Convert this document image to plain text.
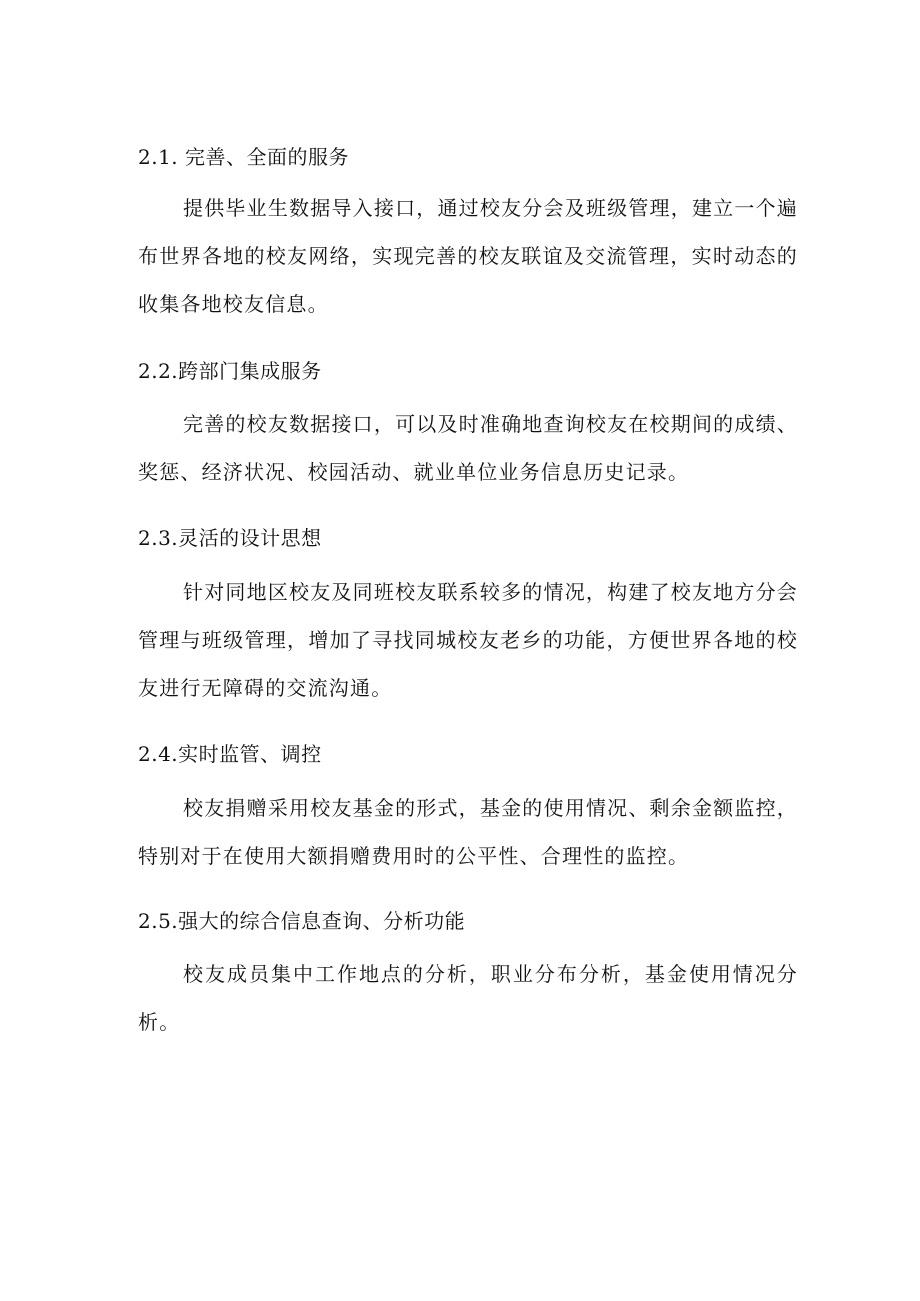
2.1. 完善、全面的服务
提供毕业生数据导入接口，通过校友分会及班级管理，建立一个遍布世界各地的校友网络，实现完善的校友联谊及交流管理，实时动态的收集各地校友信息。
2.2.跨部门集成服务
完善的校友数据接口，可以及时准确地查询校友在校期间的成绩、奖惩、经济状况、校园活动、就业单位业务信息历史记录。
2.3.灵活的设计思想
针对同地区校友及同班校友联系较多的情况，构建了校友地方分会管理与班级管理，增加了寻找同城校友老乡的功能，方便世界各地的校友进行无障碍的交流沟通。
2.4.实时监管、调控
校友捐赠采用校友基金的形式，基金的使用情况、剩余金额监控，特别对于在使用大额捐赠费用时的公平性、合理性的监控。
2.5.强大的综合信息查询、分析功能
校友成员集中工作地点的分析，职业分布分析，基金使用情况分析。
